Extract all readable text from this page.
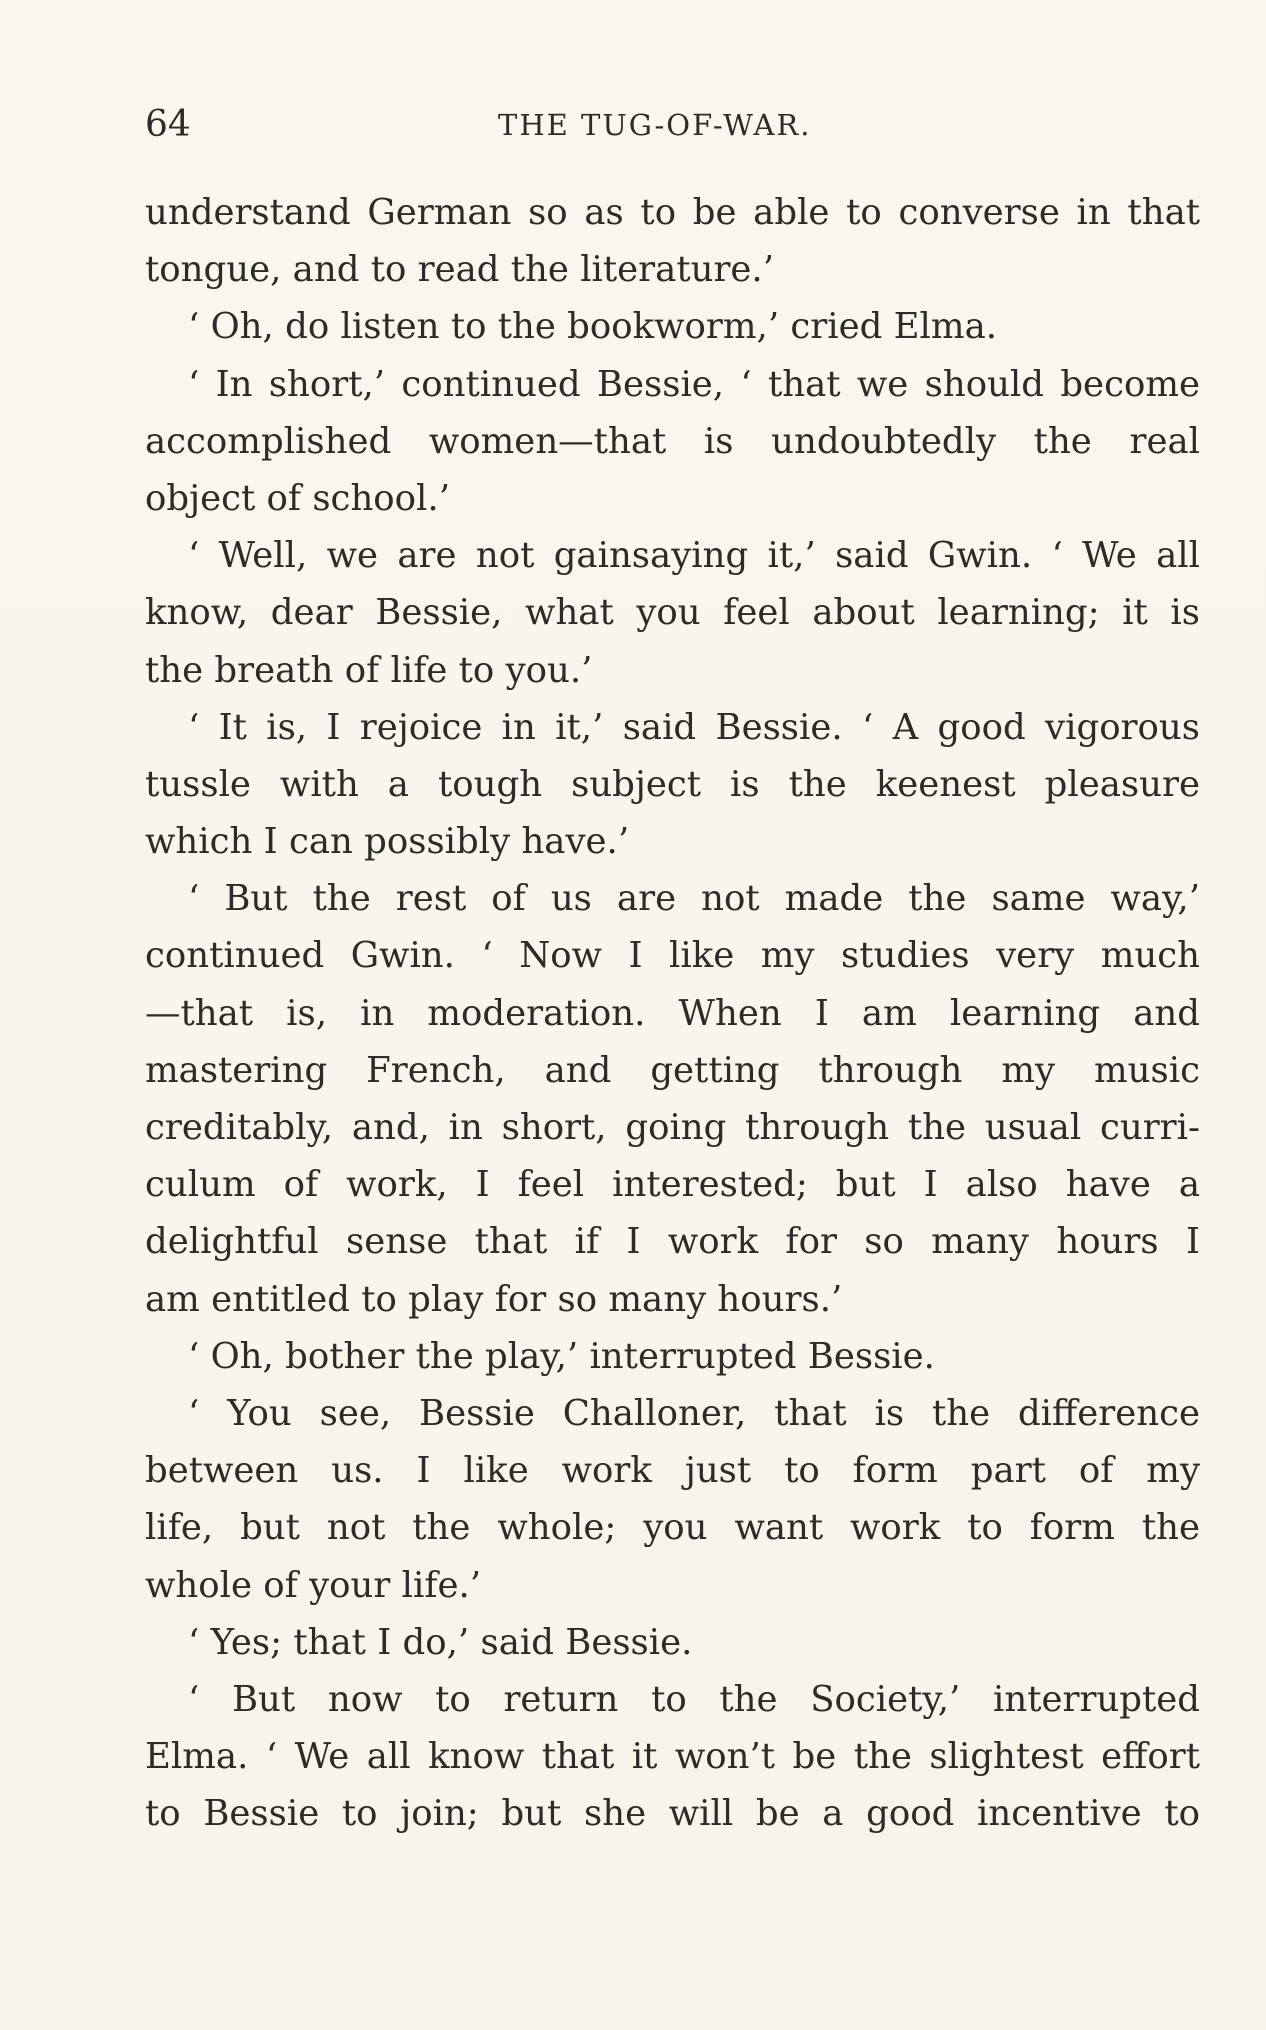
64	THE TUG-OF-WAR.
understand German so as to be able to converse in that
tongue, and to read the literature.’
‘ Oh, do listen to the bookworm,’ cried Elma.
‘ In short,’ continued Bessie, ‘ that we should become
accomplished women—that is undoubtedly the real
object of school.’
‘ Well, we are not gainsaying it,’ said Gwin. ‘ We all
know, dear Bessie, what you feel about learning; it is
the breath of life to you.’
‘ It is, I rejoice in it,’ said Bessie. ‘ A good vigorous
tussle with a tough subject is the keenest pleasure
which I can possibly have.’
‘ But the rest of us are not made the same way,’
continued Gwin. ‘ Now I like my studies very much
—that is, in moderation. When I am learning and
mastering French, and getting through my music
creditably, and, in short, going through the usual curri-
culum of work, I feel interested; but I also have a
delightful sense that if I work for so many hours I
am entitled to play for so many hours.’
‘ Oh, bother the play,’ interrupted Bessie.
‘ You see, Bessie Challoner, that is the difference
between us. I like work just to form part of my
life, but not the whole; you want work to form the
whole of your life.’
‘ Yes; that I do,’ said Bessie.
‘ But now to return to the Society,’ interrupted
Elma. ‘ We all know that it won’t be the slightest effort
to Bessie to join; but she will be a good incentive to
